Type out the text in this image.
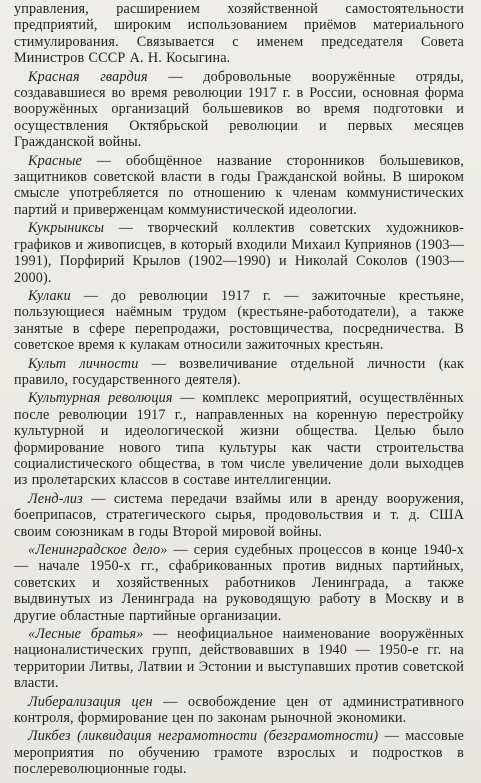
управления, расширением хозяйственной самостоятельности предприятий, широким использованием приёмов материального стимулирования. Связывается с именем председателя Совета Министров СССР А. Н. Косыгина.

Красная гвардия — добровольные вооружённые отряды, создававшиеся во время революции 1917 г. в России, основная форма вооружённых организаций большевиков во время подготовки и осуществления Октябрьской революции и первых месяцев Гражданской войны.

Красные — обобщённое название сторонников большевиков, защитников советской власти в годы Гражданской войны. В широком смысле употребляется по отношению к членам коммунистических партий и приверженцам коммунистической идеологии.

Кукрыниксы — творческий коллектив советских художников-графиков и живописцев, в который входили Михаил Куприянов (1903—1991), Порфирий Крылов (1902—1990) и Николай Соколов (1903—2000).

Кулаки — до революции 1917 г. — зажиточные крестьяне, пользующиеся наёмным трудом (крестьяне-работодатели), а также занятые в сфере перепродажи, ростовщичества, посредничества. В советское время к кулакам относили зажиточных крестьян.

Культ личности — возвеличивание отдельной личности (как правило, государственного деятеля).

Культурная революция — комплекс мероприятий, осуществлённых после революции 1917 г., направленных на коренную перестройку культурной и идеологической жизни общества. Целью было формирование нового типа культуры как части строительства социалистического общества, в том числе увеличение доли выходцев из пролетарских классов в составе интеллигенции.

Ленд-лиз — система передачи взаймы или в аренду вооружения, боеприпасов, стратегического сырья, продовольствия и т. д. США своим союзникам в годы Второй мировой войны.

«Ленинградское дело» — серия судебных процессов в конце 1940-х — начале 1950-х гг., сфабрикованных против видных партийных, советских и хозяйственных работников Ленинграда, а также выдвинутых из Ленинграда на руководящую работу в Москву и в другие областные партийные организации.

«Лесные братья» — неофициальное наименование вооружённых националистических групп, действовавших в 1940 — 1950-е гг. на территории Литвы, Латвии и Эстонии и выступавших против советской власти.

Либерализация цен — освобождение цен от административного контроля, формирование цен по законам рыночной экономики.

Ликбез (ликвидация неграмотности (безграмотности) — массовые мероприятия по обучению грамоте взрослых и подростков в послереволюционные годы.
